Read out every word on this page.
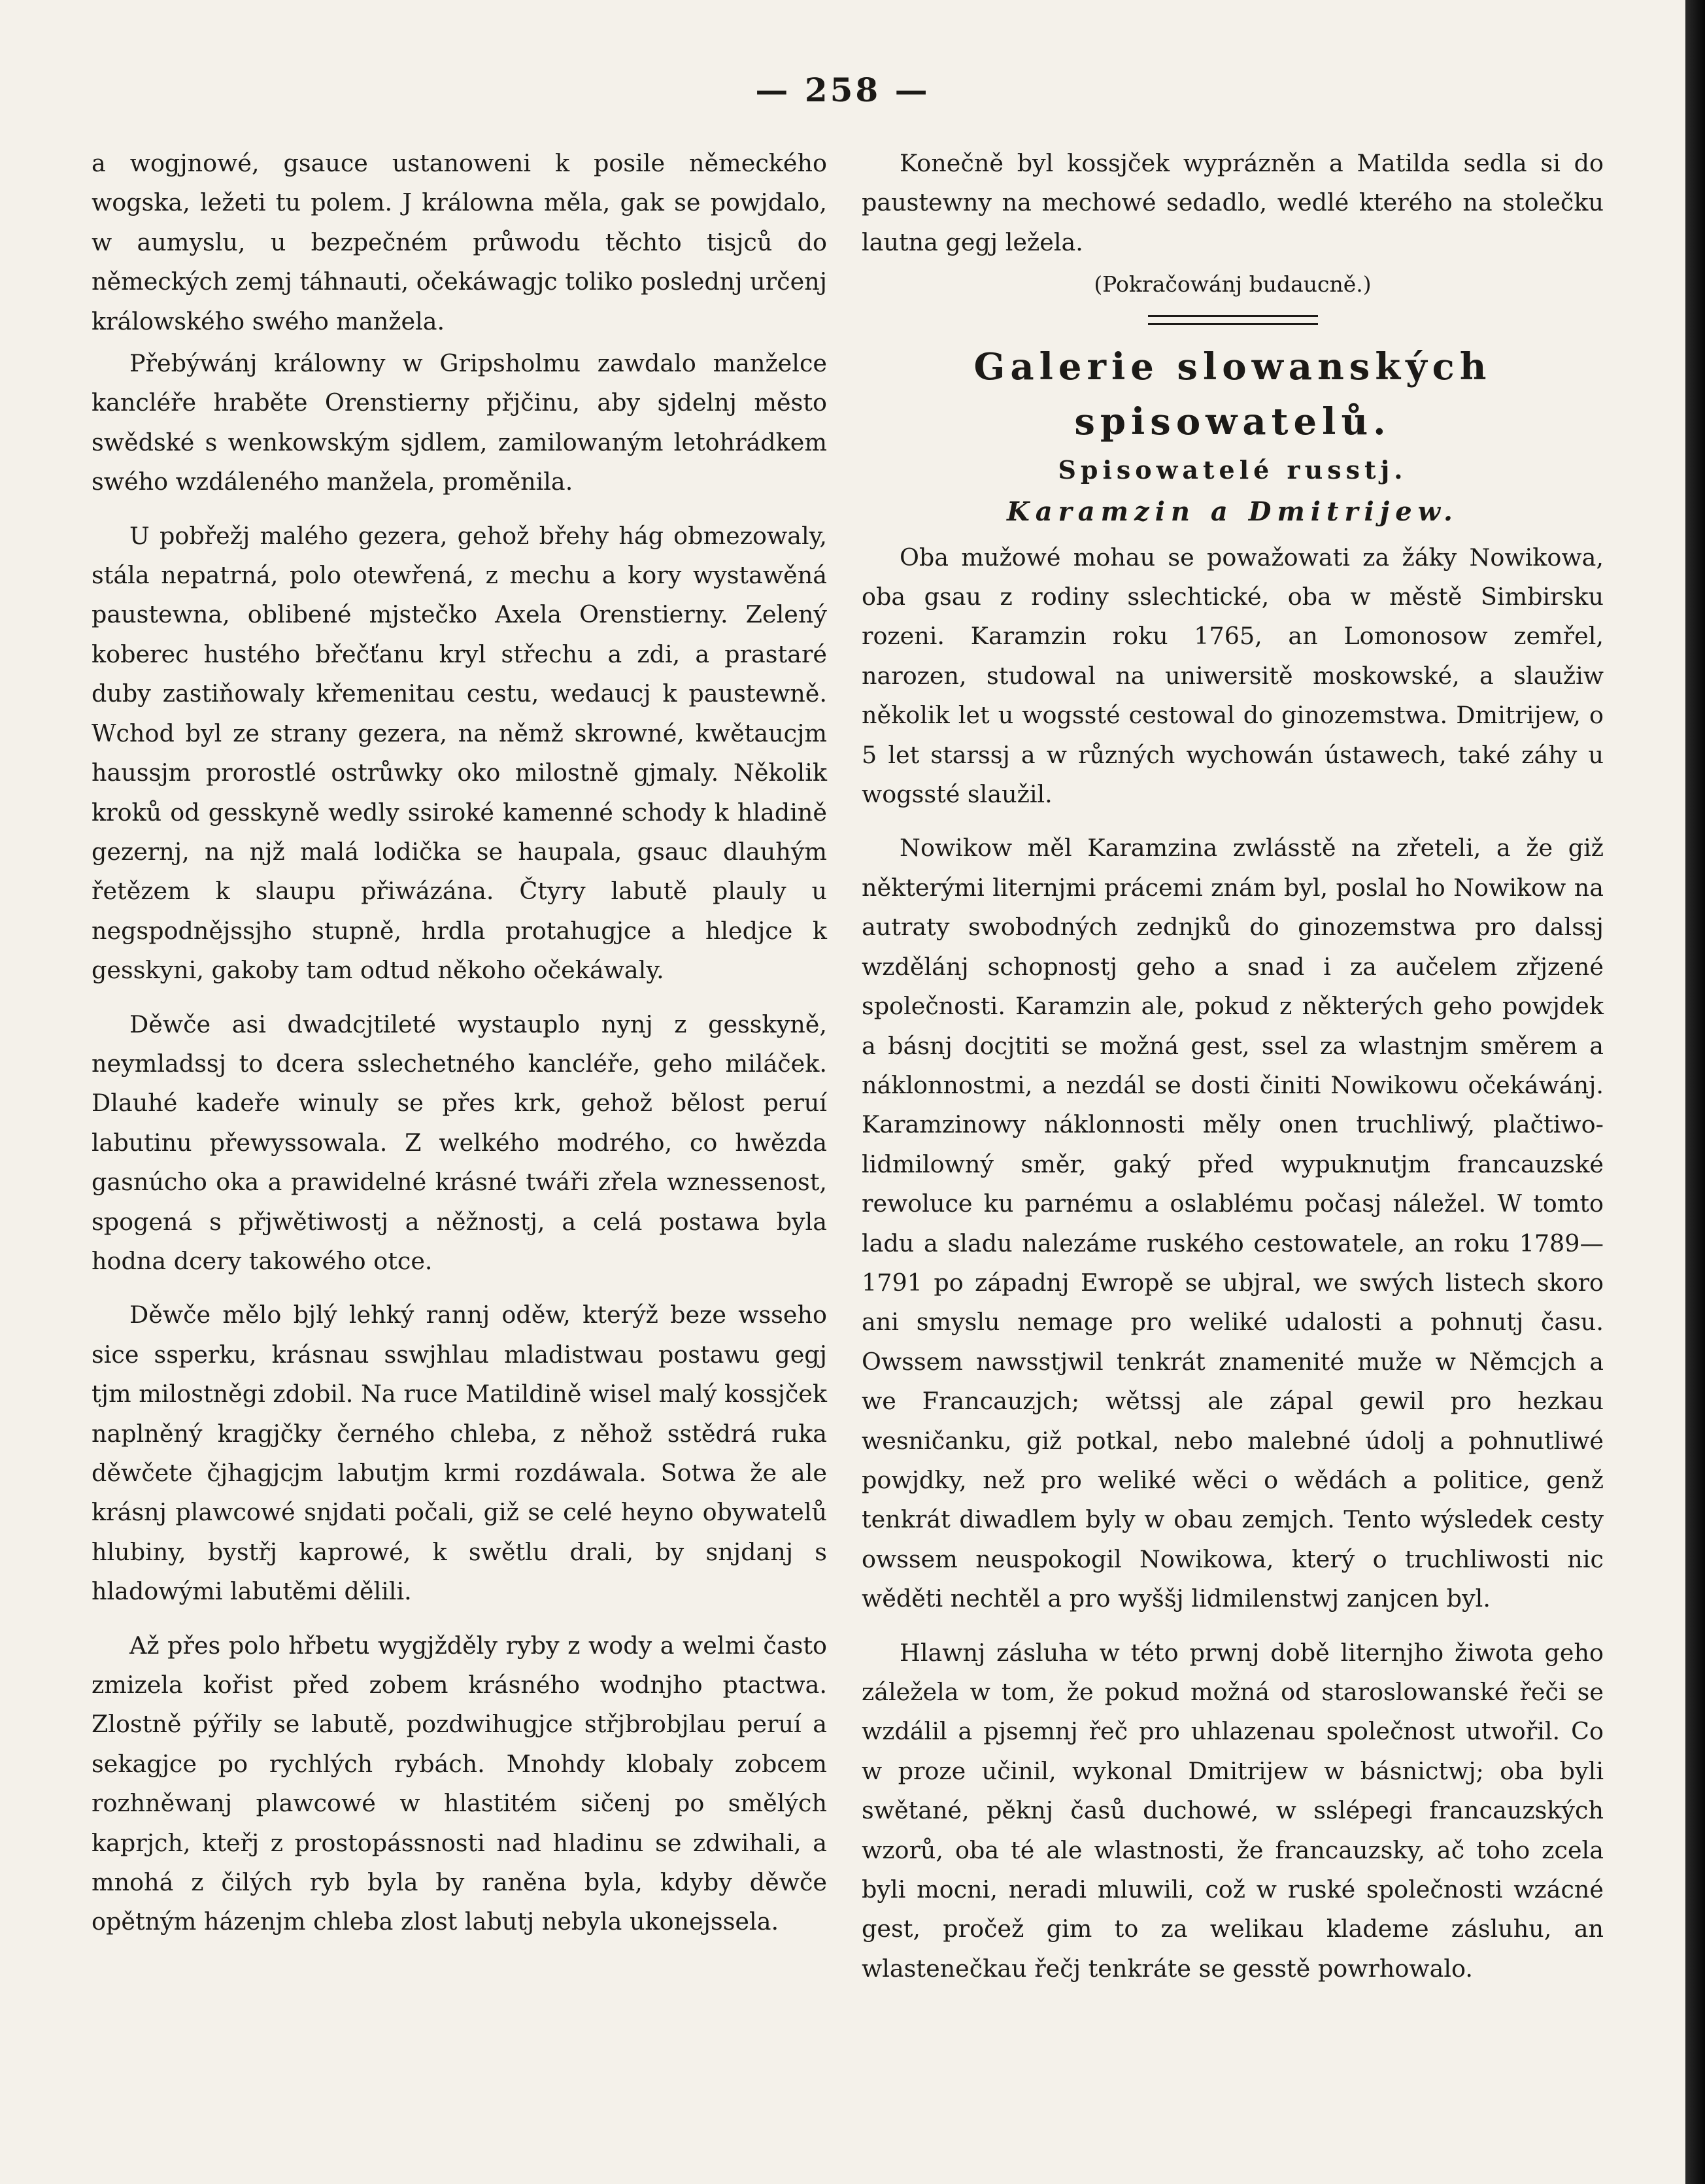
— 258 —

a wogjnowé, gsauce ustanoweni k posile německého wogska, ležeti tu polem. J králowna měla, gak se powjdalo, w aumyslu, u bezpečném průwodu těchto tisjců do německých zemj táhnauti, očekáwagjc toliko poslednj určenj králowského swého manžela.

Přebýwánj králowny w Gripsholmu zawdalo manželce kancléře hraběte Orenstierny přjčinu, aby sjdelnj město swědské s wenkowským sjdlem, zamilowaným letohrádkem swého wzdáleného manžela, proměnila.

U pobřežj malého gezera, gehož břehy hág obmezowaly, stála nepatrná, polo otewřená, z mechu a kory wystawěná paustewna, oblibené mjstečko Axela Orenstierny. Zelený koberec hustého břečťanu kryl střechu a zdi, a prastaré duby zastiňowaly křemenitau cestu, wedaucj k paustewně. Wchod byl ze strany gezera, na němž skrowné, kwětaucjm haussjm prorostlé ostrůwky oko milostně gjmaly. Několik kroků od gesskyně wedly ssiroké kamenné schody k hladině gezernj, na njž malá lodička se haupala, gsauc dlauhým řetězem k slaupu přiwázána. Čtyry labutě plauly u negspodnějssjho stupně, hrdla protahugjce a hledjce k gesskyni, gakoby tam odtud někoho očekáwaly.

Děwče asi dwadcjtileté wystauplo nynj z gesskyně, neymladssj to dcera sslechetného kancléře, geho miláček. Dlauhé kadeře winuly se přes krk, gehož bělost peruí labutinu přewyssowala. Z welkého modrého, co hwězda gasnúcho oka a prawidelné krásné twáři zřela wznessenost, spogená s přjwětiwostj a něžnostj, a celá postawa byla hodna dcery takowého otce.

Děwče mělo bjlý lehký rannj oděw, kterýž beze wsseho sice ssperku, krásnau sswjhlau mladistwau postawu gegj tjm milostněgi zdobil. Na ruce Matildině wisel malý kossjček naplněný kragjčky černého chleba, z něhož sstědrá ruka děwčete čjhagjcjm labutjm krmi rozdáwala. Sotwa že ale krásnj plawcowé snjdati počali, giž se celé heyno obywatelů hlubiny, bystřj kaprowé, k swětlu drali, by snjdanj s hladowými labutěmi dělili.

Až přes polo hřbetu wygjžděly ryby z wody a welmi často zmizela kořist před zobem krásného wodnjho ptactwa. Zlostně pýřily se labutě, pozdwihugjce střjbrobjlau peruí a sekagjce po rychlých rybách. Mnohdy klobaly zobcem rozhněwanj plawcowé w hlastitém sičenj po smělých kaprjch, kteřj z prostopássnosti nad hladinu se zdwihali, a mnohá z čilých ryb byla by raněna byla, kdyby děwče opětným házenjm chleba zlost labutj nebyla ukonejssela.

Konečně byl kossjček wyprázněn a Matilda sedla si do paustewny na mechowé sedadlo, wedlé kterého na stolečku lautna gegj ležela.

(Pokračowánj budaucně.)
Galerie slowanských spisowatelů.
Spisowatelé russtj.
Karamzin a Dmitrijew.

Oba mužowé mohau se powažowati za žáky Nowikowa, oba gsau z rodiny sslechtické, oba w městě Simbirsku rozeni. Karamzin roku 1765, an Lomonosow zemřel, narozen, studowal na uniwersitě moskowské, a slaužiw několik let u wogssté cestowal do ginozemstwa. Dmitrijew, o 5 let starssj a w různých wychowán ústawech, také záhy u wogssté slaužil.

Nowikow měl Karamzina zwlásstě na zřeteli, a že giž některými liternjmi prácemi znám byl, poslal ho Nowikow na autraty swobodných zednjků do ginozemstwa pro dalssj wzdělánj schopnostj geho a snad i za aučelem zřjzené společnosti. Karamzin ale, pokud z některých geho powjdek a básnj docjtiti se možná gest, ssel za wlastnjm směrem a náklonnostmi, a nezdál se dosti činiti Nowikowu očekáwánj. Karamzinowy náklonnosti měly onen truchliwý, plačtiwo-lidmilowný směr, gaký před wypuknutjm francauzské rewoluce ku parnému a oslablému počasj náležel. W tomto ladu a sladu nalezáme ruského cestowatele, an roku 1789—1791 po západnj Ewropě se ubjral, we swých listech skoro ani smyslu nemage pro weliké udalosti a pohnutj času. Owssem nawsstjwil tenkrát znamenité muže w Němcjch a we Francauzjch; wětssj ale zápal gewil pro hezkau wesničanku, giž potkal, nebo malebné údolj a pohnutliwé powjdky, než pro weliké wěci o wědách a politice, genž tenkrát diwadlem byly w obau zemjch. Tento wýsledek cesty owssem neuspokogil Nowikowa, který o truchliwosti nic wěděti nechtěl a pro wyššj lidmilenstwj zanjcen byl.

Hlawnj zásluha w této prwnj době liternjho žiwota geho záležela w tom, že pokud možná od staroslowanské řeči se wzdálil a pjsemnj řeč pro uhlazenau společnost utwořil. Co w proze učinil, wykonal Dmitrijew w básnictwj; oba byli swětané, pěknj časů duchowé, w sslépegi francauzských wzorů, oba té ale wlastnosti, že francauzsky, ač toho zcela byli mocni, neradi mluwili, což w ruské společnosti wzácné gest, pročež gim to za welikau klademe zásluhu, an wlastenečkau řečj tenkráte se gesstě powrhowalo.
